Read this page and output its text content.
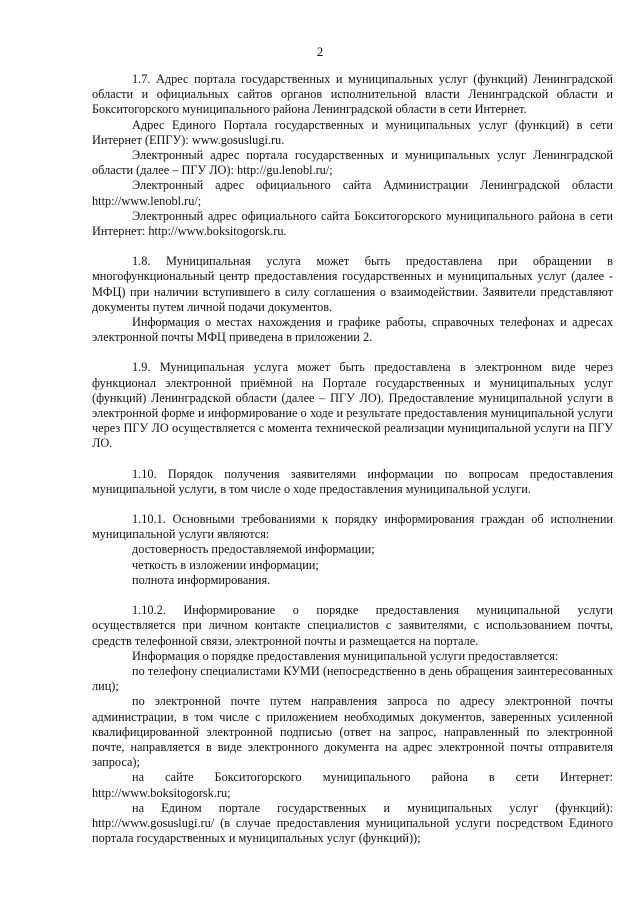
2

1.7. Адрес портала государственных и муниципальных услуг (функций) Ленинградской области и официальных сайтов органов исполнительной власти Ленинградской области и Бокситогорского муниципального района Ленинградской области в сети Интернет.

Адрес Единого Портала государственных и муниципальных услуг (функций) в сети Интернет (ЕПГУ): www.gosuslugi.ru.

Электронный адрес портала государственных и муниципальных услуг Ленинградской области (далее – ПГУ ЛО): http://gu.lenobl.ru/;

Электронный адрес официального сайта Администрации Ленинградской области http://www.lenobl.ru/;

Электронный адрес официального сайта Бокситогорского муниципального района в сети Интернет: http://www.boksitogorsk.ru.

1.8. Муниципальная услуга может быть предоставлена при обращении в многофункциональный центр предоставления государственных и муниципальных услуг (далее - МФЦ) при наличии вступившего в силу соглашения о взаимодействии. Заявители представляют документы путем личной подачи документов.

Информация о местах нахождения и графике работы, справочных телефонах и адресах электронной почты МФЦ приведена в приложении 2.

1.9. Муниципальная услуга может быть предоставлена в электронном виде через функционал электронной приёмной на Портале государственных и муниципальных услуг (функций) Ленинградской области (далее – ПГУ ЛО). Предоставление муниципальной услуги в электронной форме и информирование о ходе и результате предоставления муниципальной услуги через ПГУ ЛО осуществляется с момента технической реализации муниципальной услуги на ПГУ ЛО.

1.10. Порядок получения заявителями информации по вопросам предоставления муниципальной услуги, в том числе о ходе предоставления муниципальной услуги.

1.10.1. Основными требованиями к порядку информирования граждан об исполнении муниципальной услуги являются:

достоверность предоставляемой информации;

четкость в изложении информации;

полнота информирования.

1.10.2. Информирование о порядке предоставления муниципальной услуги осуществляется при личном контакте специалистов с заявителями, с использованием почты, средств телефонной связи, электронной почты и размещается на портале.

Информация о порядке предоставления муниципальной услуги предоставляется:

по телефону специалистами КУМИ (непосредственно в день обращения заинтересованных лиц);

по электронной почте путем направления запроса по адресу электронной почты администрации, в том числе с приложением необходимых документов, заверенных усиленной квалифицированной электронной подписью (ответ на запрос, направленный по электронной почте, направляется в виде электронного документа на адрес электронной почты отправителя запроса);

на сайте Бокситогорского муниципального района в сети Интернет: http://www.boksitogorsk.ru;

на Едином портале государственных и муниципальных услуг (функций): http://www.gosuslugi.ru/ (в случае предоставления муниципальной услуги посредством Единого портала государственных и муниципальных услуг (функций));
